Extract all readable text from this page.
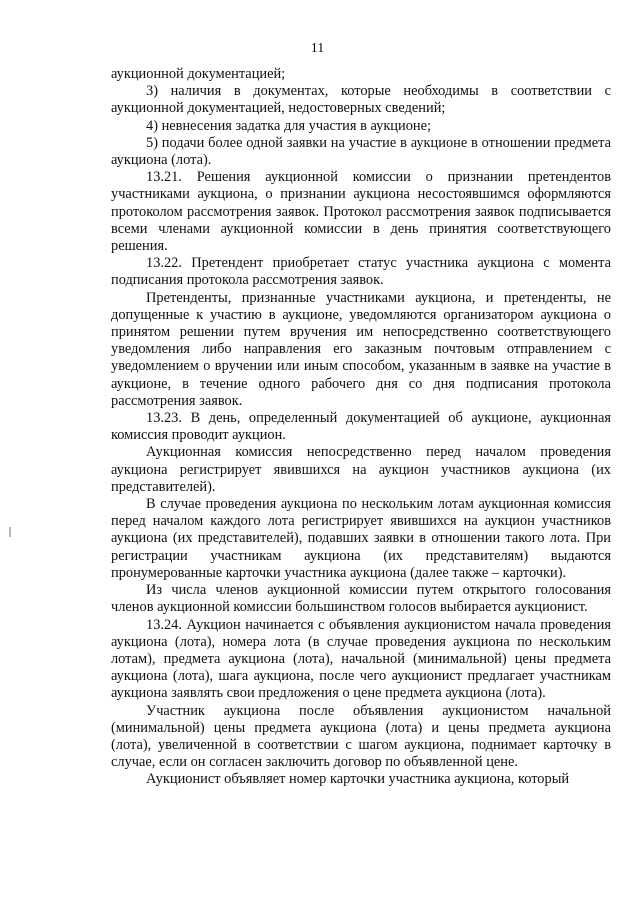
11

аукционной документацией;

3) наличия в документах, которые необходимы в соответствии с аукционной документацией, недостоверных сведений;

4) невнесения задатка для участия в аукционе;

5) подачи более одной заявки на участие в аукционе в отношении предмета аукциона (лота).

13.21. Решения аукционной комиссии о признании претендентов участниками аукциона, о признании аукциона несостоявшимся оформляются протоколом рассмотрения заявок. Протокол рассмотрения заявок подписывается всеми членами аукционной комиссии в день принятия соответствующего решения.

13.22. Претендент приобретает статус участника аукциона с момента подписания протокола рассмотрения заявок.

Претенденты, признанные участниками аукциона, и претенденты, не допущенные к участию в аукционе, уведомляются организатором аукциона о принятом решении путем вручения им непосредственно соответствующего уведомления либо направления его заказным почтовым отправлением с уведомлением о вручении или иным способом, указанным в заявке на участие в аукционе, в течение одного рабочего дня со дня подписания протокола рассмотрения заявок.

13.23. В день, определенный документацией об аукционе, аукционная комиссия проводит аукцион.

Аукционная комиссия непосредственно перед началом проведения аукциона регистрирует явившихся на аукцион участников аукциона (их представителей).

В случае проведения аукциона по нескольким лотам аукционная комиссия перед началом каждого лота регистрирует явившихся на аукцион участников аукциона (их представителей), подавших заявки в отношении такого лота. При регистрации участникам аукциона (их представителям) выдаются пронумерованные карточки участника аукциона (далее также – карточки).

Из числа членов аукционной комиссии путем открытого голосования членов аукционной комиссии большинством голосов выбирается аукционист.

13.24. Аукцион начинается с объявления аукционистом начала проведения аукциона (лота), номера лота (в случае проведения аукциона по нескольким лотам), предмета аукциона (лота), начальной (минимальной) цены предмета аукциона (лота), шага аукциона, после чего аукционист предлагает участникам аукциона заявлять свои предложения о цене предмета аукциона (лота).

Участник аукциона после объявления аукционистом начальной (минимальной) цены предмета аукциона (лота) и цены предмета аукциона (лота), увеличенной в соответствии с шагом аукциона, поднимает карточку в случае, если он согласен заключить договор по объявленной цене.

Аукционист объявляет номер карточки участника аукциона, который
